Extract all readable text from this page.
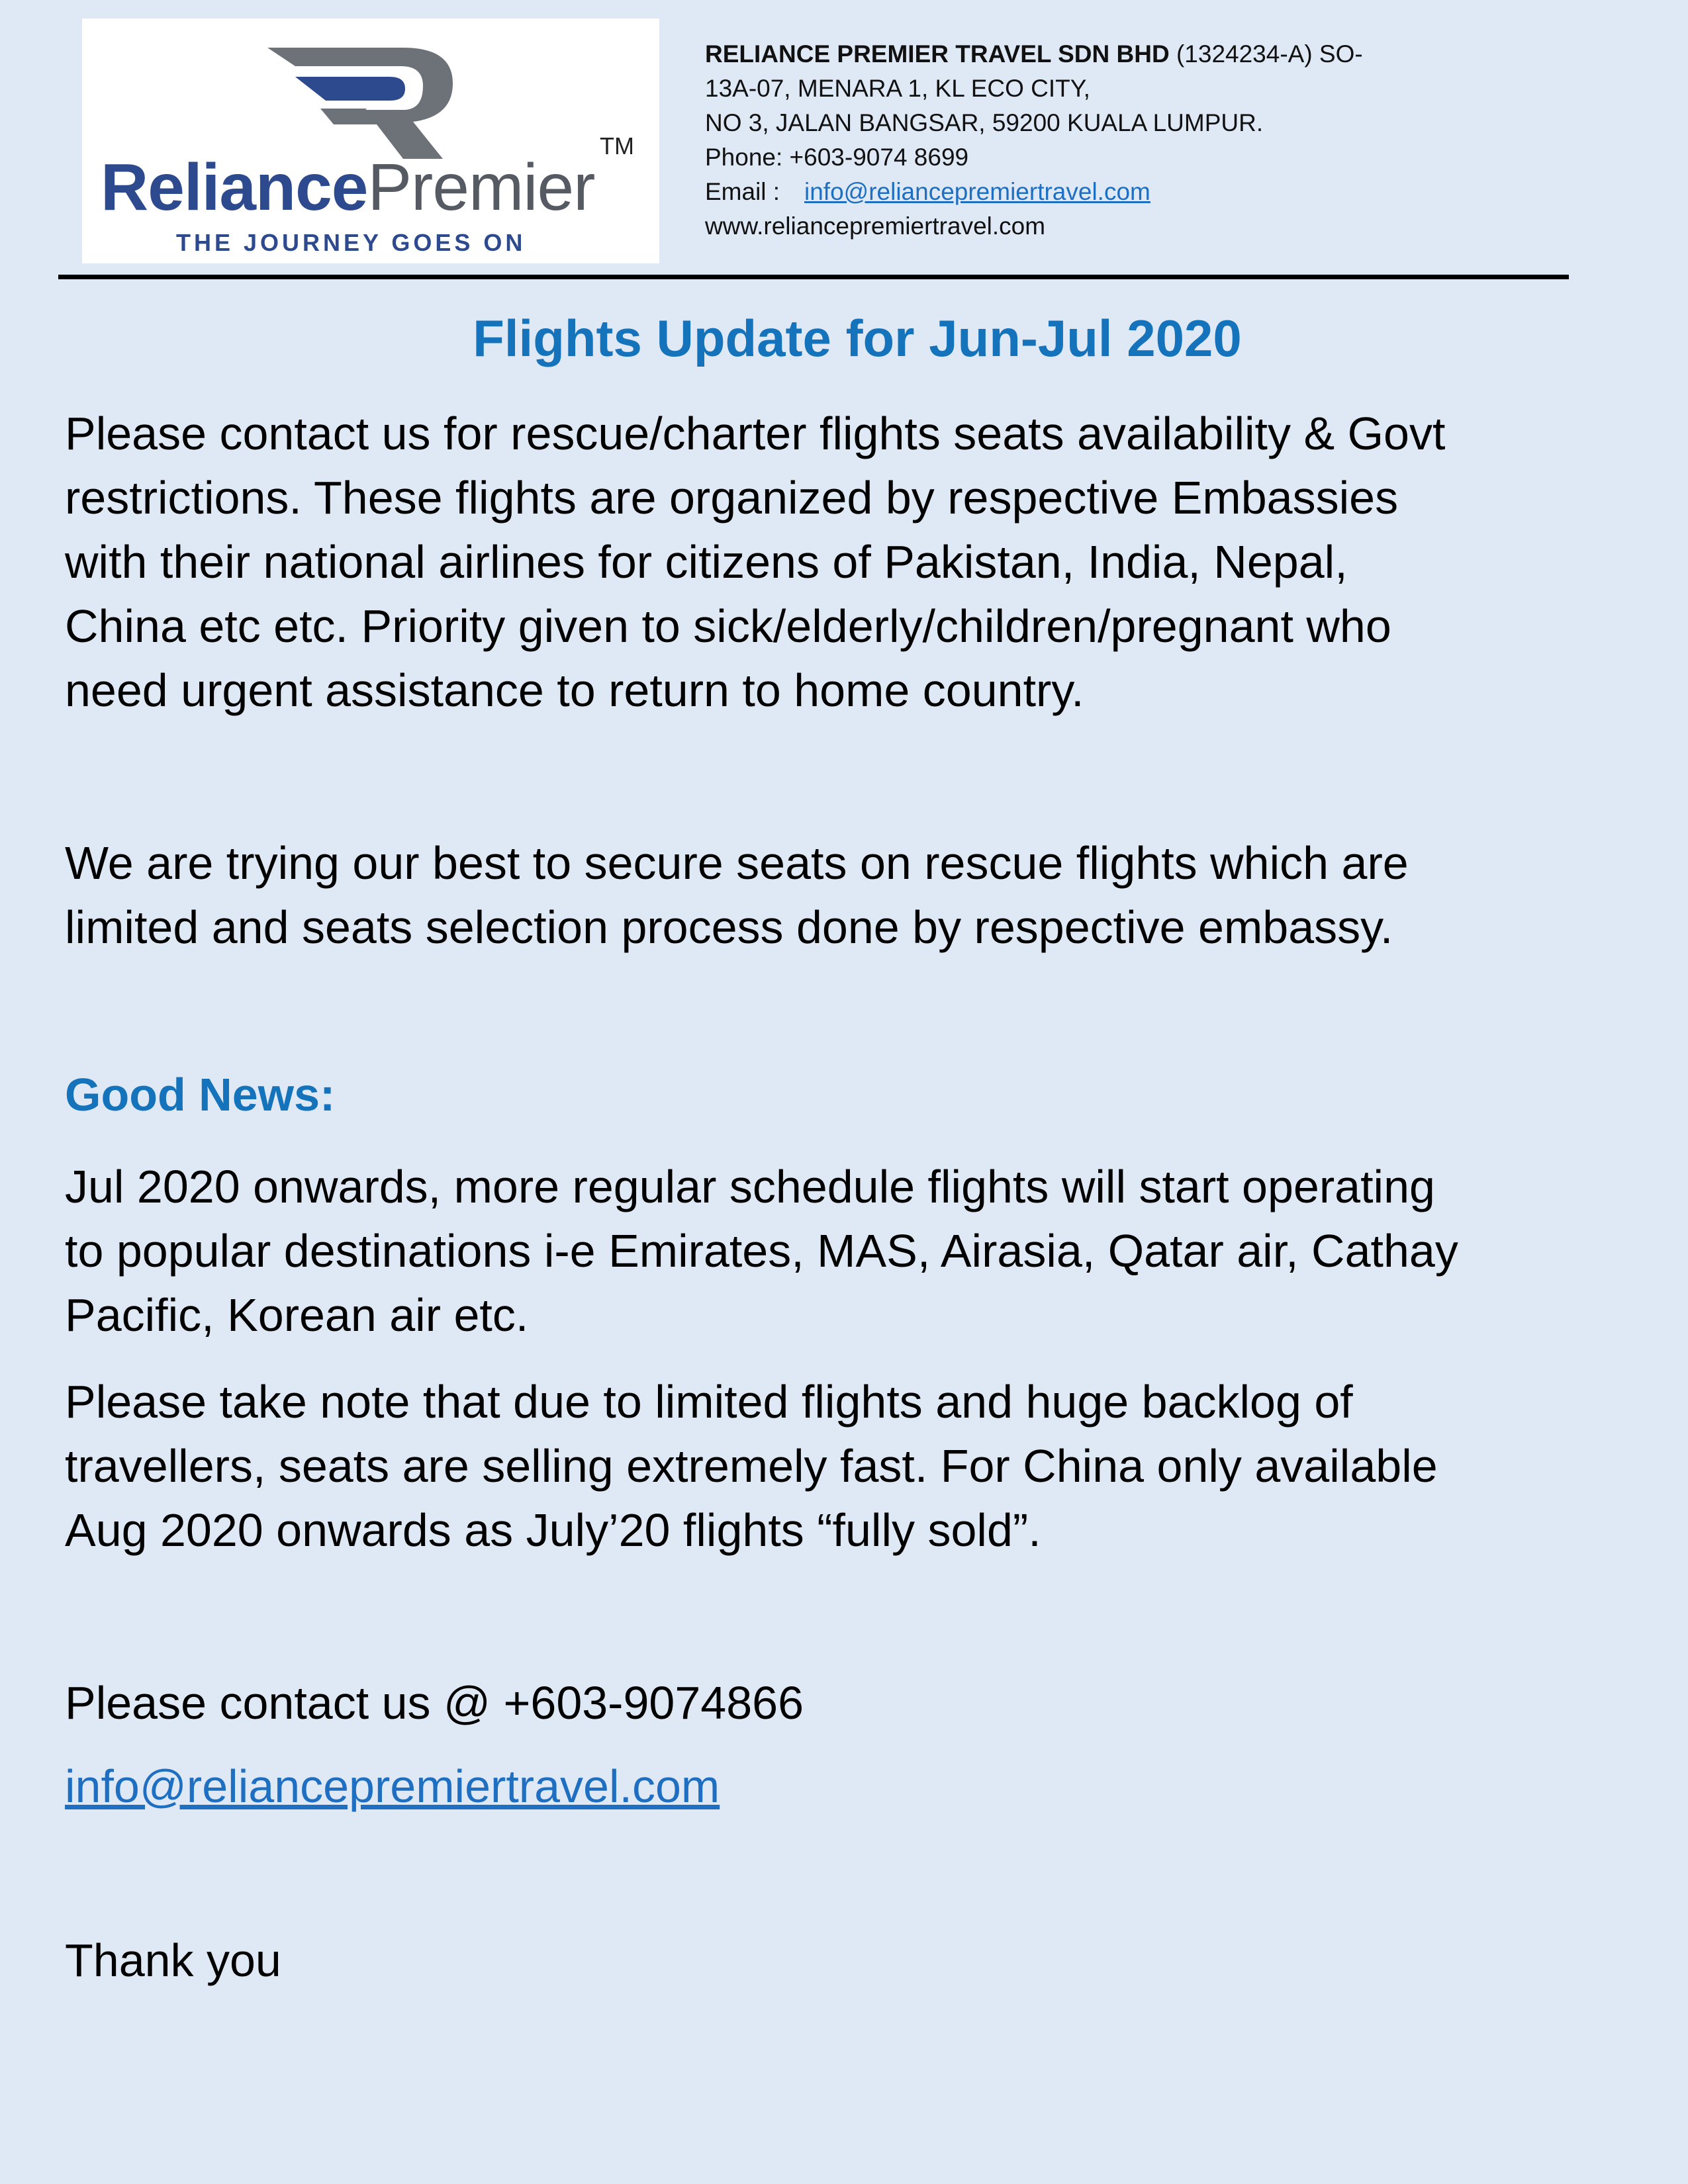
ReliancePremier
TM
THE JOURNEY GOES ON
RELIANCE PREMIER TRAVEL SDN BHD (1324234-A) SO-
13A-07, MENARA 1, KL ECO CITY,
NO 3, JALAN BANGSAR, 59200 KUALA LUMPUR.
Phone: +603-9074 8699
Email : info@reliancepremiertravel.com
www.reliancepremiertravel.com
Flights Update for Jun-Jul 2020
Please contact us for rescue/charter flights seats availability & Govt
restrictions. These flights are organized by respective Embassies
with their national airlines for citizens of Pakistan, India, Nepal,
China etc etc. Priority given to sick/elderly/children/pregnant who
need urgent assistance to return to home country.
We are trying our best to secure seats on rescue flights which are
limited and seats selection process done by respective embassy.
Good News:
Jul 2020 onwards, more regular schedule flights will start operating
to popular destinations i-e Emirates, MAS, Airasia, Qatar air, Cathay
Pacific, Korean air etc.
Please take note that due to limited flights and huge backlog of
travellers, seats are selling extremely fast. For China only available
Aug 2020 onwards as July’20 flights “fully sold”.
Please contact us @ +603-9074866
info@reliancepremiertravel.com
Thank you
